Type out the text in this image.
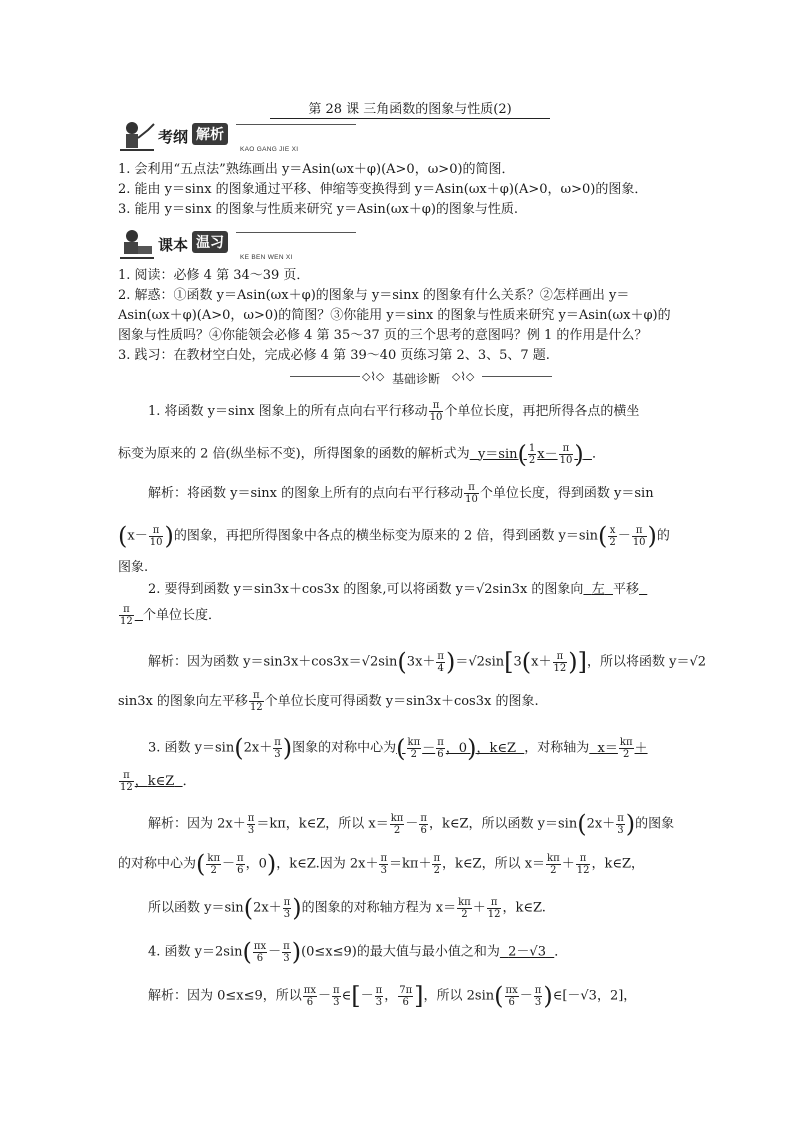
第 28 课 三角函数的图象与性质(2)
考纲 解析
KAO GANG JIE XI
1. 会利用“五点法”熟练画出 y＝Asin(ωx＋φ)(A>0，ω>0)的简图．
2. 能由 y＝sinx 的图象通过平移、伸缩等变换得到 y＝Asin(ωx＋φ)(A>0，ω>0)的图象．
3. 能用 y＝sinx 的图象与性质来研究 y＝Asin(ωx＋φ)的图象与性质.
课本 温习
KE BEN WEN XI
1. 阅读：必修 4 第 34～39 页．
2. 解惑：①函数 y＝Asin(ωx＋φ)的图象与 y＝sinx 的图象有什么关系？②怎样画出 y＝
Asin(ωx＋φ)(A>0，ω>0)的简图？③你能用 y＝sinx 的图象与性质来研究 y＝Asin(ωx＋φ)的
图象与性质吗？④你能领会必修 4 第 35～37 页的三个思考的意图吗？例 1 的作用是什么？
3. 践习：在教材空白处，完成必修 4 第 39～40 页练习第 2、3、5、7 题.
◇⌇◇ 基础诊断 ◇⌇◇
1. 将函数 y＝sinx 图象上的所有点向右平行移动 $\frac{\pi}{10}$ 个单位长度，再把所得各点的横坐
标变为原来的 2 倍(纵坐标不变)，所得图象的函数的解析式为 $y=\sin( \frac{1}{2} x- \frac{\pi}{10}$ ) ．
解析：将函数 y＝sinx 的图象上所有的点向右平行移动 $\frac{\pi}{10}$ 个单位长度，得到函数 y＝sin
($x- \frac{\pi}{10}$ )的图象，再把所得图象中各点的横坐标变为原来的 2 倍，得到函数 $y=\sin( \frac{x}{2} - \frac{\pi}{10}$ )的
图象.
2. 要得到函数 y＝sin3x＋cos3x 的图象,可以将函数 y＝√2sin3x 的图象向 左 平移
$\frac{\pi}{12}$ 个单位长度．
解析：因为函数 $y=\sin 3x+\cos 3x=√2\sin(3x+ \frac{\pi}{4} )=√2\sin[3(x+ \frac{\pi}{12}$ )]，所以将函数 y＝√2
sin3x 的图象向左平移 $\frac{\pi}{12}$ 个单位长度可得函数 y＝sin3x＋cos3x 的图象.
3. 函数 $y=\sin(2x+ \frac{\pi}{3}$ )图象的对称中心为( $\frac{k\pi}{2} - \frac{\pi}{6}$ ，0)，k∈Z ，对称轴为 $x= \frac{k\pi}{2}$ ＋
$\frac{\pi}{12}$ ，k∈Z ．
解析：因为 $2x+ \frac{\pi}{3} =k\pi$，k∈Z，所以 $x= \frac{k\pi}{2} - \frac{\pi}{6}$ ，k∈Z，所以函数 $y=\sin(2x+ \frac{\pi}{3}$ )的图象
的对称中心为( $\frac{k\pi}{2} - \frac{\pi}{6}$ ，0)，k∈Z.因为 $2x+ \frac{\pi}{3} =k\pi+ \frac{\pi}{2}$ ，k∈Z，所以 $x= \frac{k\pi}{2} + \frac{\pi}{12}$ ，k∈Z，
所以函数 $y=\sin(2x+ \frac{\pi}{3}$ )的图象的对称轴方程为 $x= \frac{k\pi}{2} + \frac{\pi}{12}$ ，k∈Z.
4. 函数 $y=2\sin( \frac{\pi x}{6} - \frac{\pi}{3} )(0\le x\le 9)$的最大值与最小值之和为 2－√3 ．
解析：因为 0≤x≤9，所以 $\frac{\pi x}{6} - \frac{\pi}{3}$ ∈[－ $\frac{\pi}{3}$ ， $\frac{7\pi}{6}$ ]，所以 $2\sin( \frac{\pi x}{6} - \frac{\pi}{3}$ )∈[－√3，2]，
